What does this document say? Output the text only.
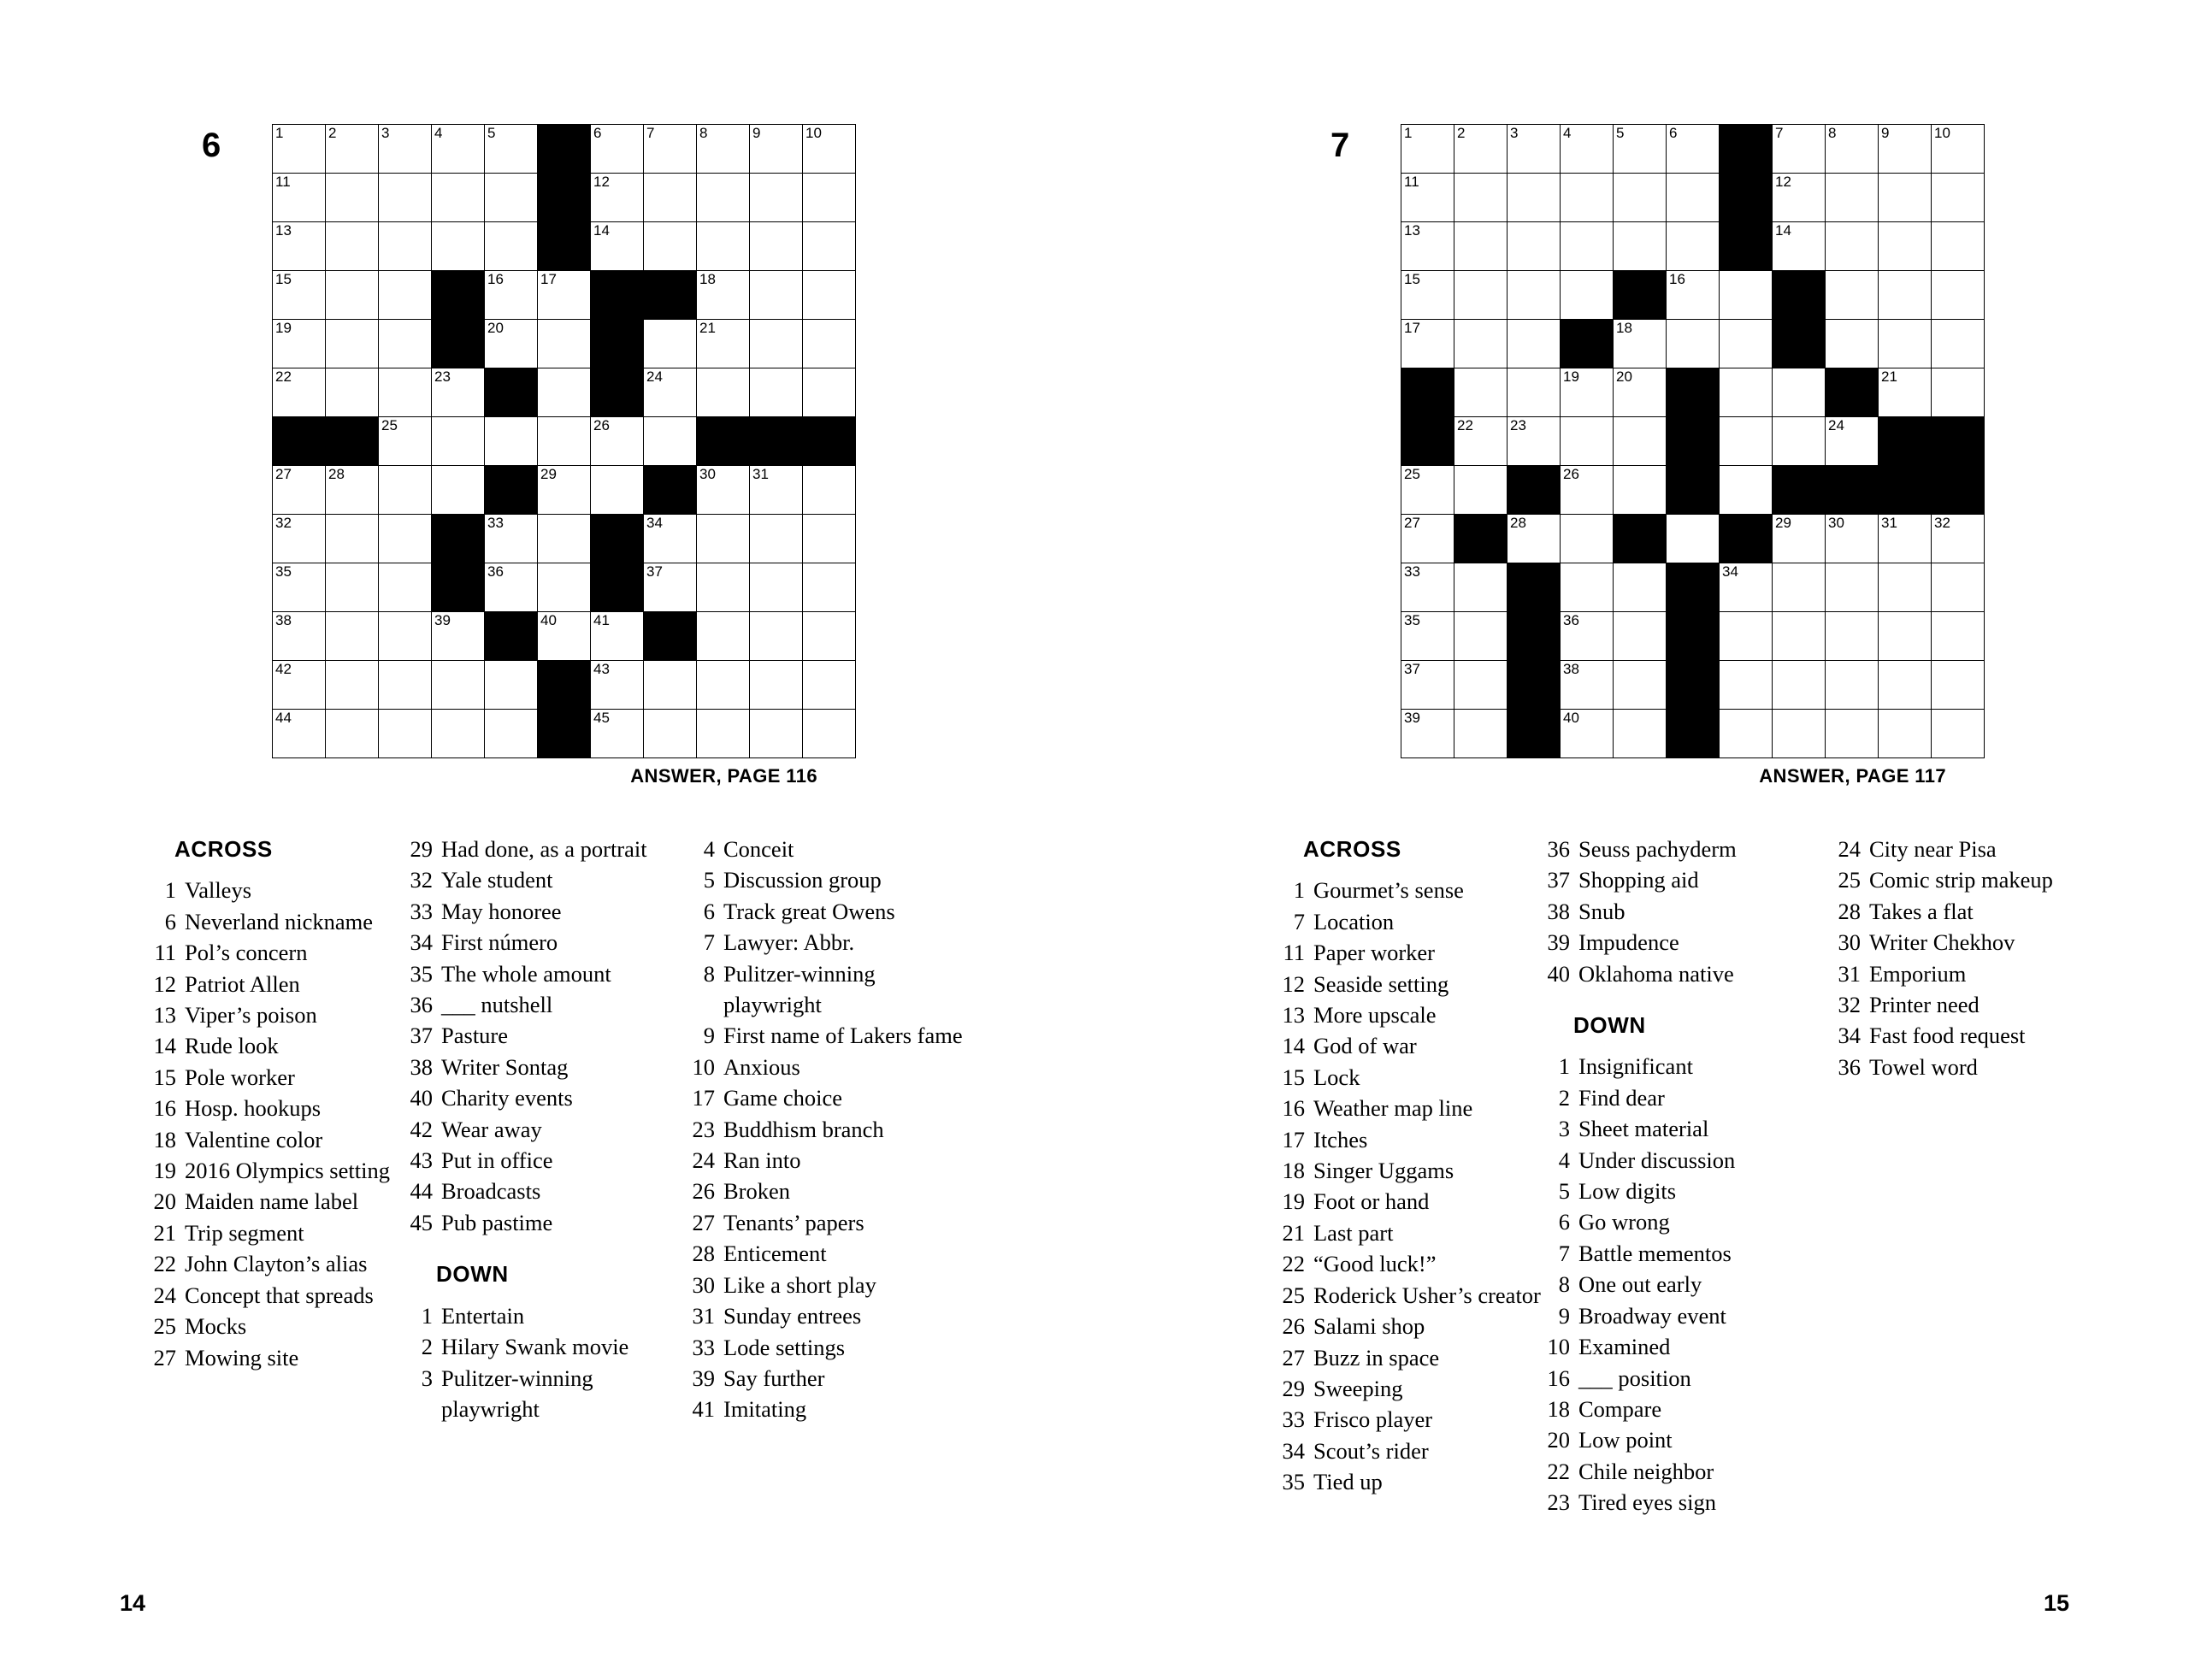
6	1	2	3	4	5		6	7	8	9	10

11						12				

13						14				

15				16	17			18		

19				20				21		

22			23				24			

		25				26				

27	28				29			30	31	

32				33			34			

35				36			37			

38			39		40	41				

42						43				

44						45				

ANSWER, PAGE 116
ACROSS
1 Valleys
6 Neverland nickname
11 Pol’s concern
12 Patriot Allen
13 Viper’s poison
14 Rude look
15 Pole worker
16 Hosp. hookups
18 Valentine color
19 2016 Olympics setting
20 Maiden name label
21 Trip segment
22 John Clayton’s alias
24 Concept that spreads
25 Mocks
27 Mowing site
29 Had done, as a portrait
32 Yale student
33 May honoree
34 First número
35 The whole amount
36 ___ nutshell
37 Pasture
38 Writer Sontag
40 Charity events
42 Wear away
43 Put in office
44 Broadcasts
45 Pub pastime
DOWN
1 Entertain
2 Hilary Swank movie
3 Pulitzer-winning playwright
4 Conceit
5 Discussion group
6 Track great Owens
7 Lawyer: Abbr.
8 Pulitzer-winning playwright
9 First name of Lakers fame
10 Anxious
17 Game choice
23 Buddhism branch
24 Ran into
26 Broken
27 Tenants’ papers
28 Enticement
30 Like a short play
31 Sunday entrees
33 Lode settings
39 Say further
41 Imitating
14
7	1	2	3	4	5	6		7	8	9	10

11							12			

13							14			

15					16					

17				18						

			19	20					21	

	22	23						24		

25			26							

27		28					29	30	31	32

33						34				

35			36							

37			38							

39			40							

ANSWER, PAGE 117
ACROSS
1 Gourmet’s sense
7 Location
11 Paper worker
12 Seaside setting
13 More upscale
14 God of war
15 Lock
16 Weather map line
17 Itches
18 Singer Uggams
19 Foot or hand
21 Last part
22 “Good luck!”
25 Roderick Usher’s creator
26 Salami shop
27 Buzz in space
29 Sweeping
33 Frisco player
34 Scout’s rider
35 Tied up
36 Seuss pachyderm
37 Shopping aid
38 Snub
39 Impudence
40 Oklahoma native
DOWN
1 Insignificant
2 Find dear
3 Sheet material
4 Under discussion
5 Low digits
6 Go wrong
7 Battle mementos
8 One out early
9 Broadway event
10 Examined
16 ___ position
18 Compare
20 Low point
22 Chile neighbor
23 Tired eyes sign
24 City near Pisa
25 Comic strip makeup
28 Takes a flat
30 Writer Chekhov
31 Emporium
32 Printer need
34 Fast food request
36 Towel word
15
